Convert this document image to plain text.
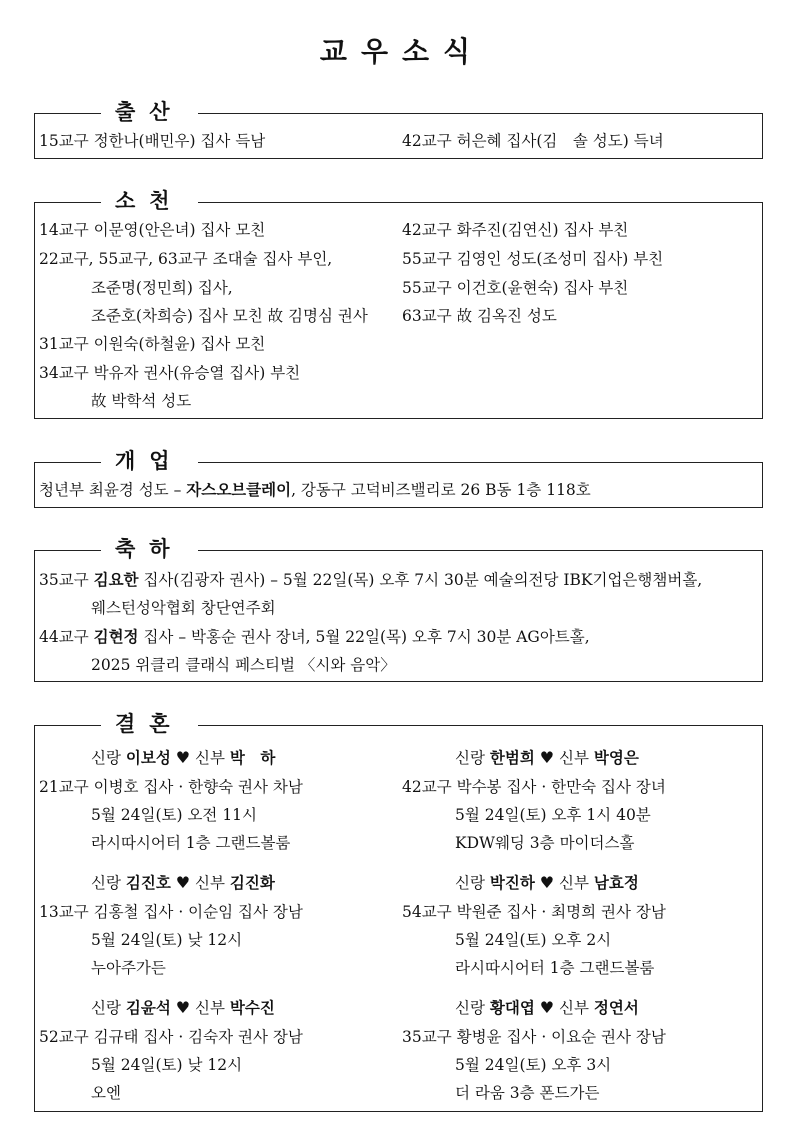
교우소식
출산
15교구 정한나(배민우) 집사 득남	42교구 허은혜 집사(김　솔 성도) 득녀
소천
14교구 이문영(안은녀) 집사 모친
22교구, 55교구, 63교구 조대술 집사 부인,
조준명(정민희) 집사,
조준호(차희승) 집사 모친 故 김명심 권사
31교구 이원숙(하철윤) 집사 모친
34교구 박유자 권사(유승열 집사) 부친
故 박학석 성도
42교구 화주진(김연신) 집사 부친
55교구 김영인 성도(조성미 집사) 부친
55교구 이건호(윤현숙) 집사 부친
63교구 故 김옥진 성도
개업
청년부 최윤경 성도 – 자스오브클레이, 강동구 고덕비즈밸리로 26 B동 1층 118호
축하
35교구 김요한 집사(김광자 권사) – 5월 22일(목) 오후 7시 30분 예술의전당 IBK기업은행챔버홀,
웨스턴성악협회 창단연주회
44교구 김현정 집사 – 박홍순 권사 장녀, 5월 22일(목) 오후 7시 30분 AG아트홀,
2025 위클리 클래식 페스티벌 〈시와 음악〉
결혼
신랑 이보성 ♥ 신부 박　하
21교구 이병호 집사 · 한향숙 권사 차남
5월 24일(토) 오전 11시
라시따시어터 1층 그랜드볼룸
신랑 한범희 ♥ 신부 박영은
42교구 박수봉 집사 · 한만숙 집사 장녀
5월 24일(토) 오후 1시 40분
KDW웨딩 3층 마이더스홀
신랑 김진호 ♥ 신부 김진화
13교구 김홍철 집사 · 이순임 집사 장남
5월 24일(토) 낮 12시
누아주가든
신랑 박진하 ♥ 신부 남효정
54교구 박원준 집사 · 최명희 권사 장남
5월 24일(토) 오후 2시
라시따시어터 1층 그랜드볼룸
신랑 김윤석 ♥ 신부 박수진
52교구 김규태 집사 · 김숙자 권사 장남
5월 24일(토) 낮 12시
오엔
신랑 황대엽 ♥ 신부 정연서
35교구 황병윤 집사 · 이요순 권사 장남
5월 24일(토) 오후 3시
더 라움 3층 폰드가든
